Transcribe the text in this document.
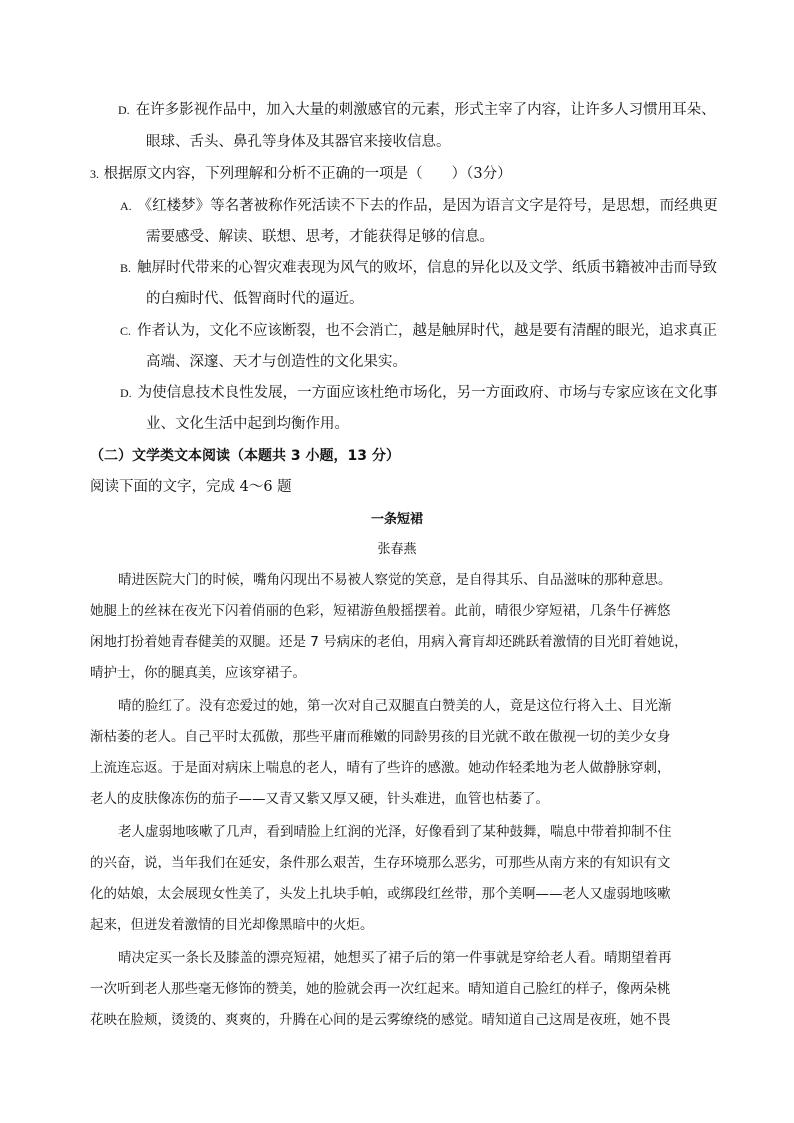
D. 在许多影视作品中，加入大量的刺激感官的元素，形式主宰了内容，让许多人习惯用耳朵、
眼球、舌头、鼻孔等身体及其器官来接收信息。
3. 根据原文内容，下列理解和分析不正确的一项是（　　）（3分）
A. 《红楼梦》等名著被称作死活读不下去的作品，是因为语言文字是符号，是思想，而经典更
需要感受、解读、联想、思考，才能获得足够的信息。
B. 触屏时代带来的心智灾难表现为风气的败坏，信息的异化以及文学、纸质书籍被冲击而导致
的白痴时代、低智商时代的逼近。
C. 作者认为，文化不应该断裂，也不会消亡，越是触屏时代，越是要有清醒的眼光，追求真正
高端、深邃、天才与创造性的文化果实。
D. 为使信息技术良性发展，一方面应该杜绝市场化，另一方面政府、市场与专家应该在文化事
业、文化生活中起到均衡作用。
（二）文学类文本阅读（本题共 3 小题，13 分）
阅读下面的文字，完成 4～6 题
一条短裙
张春燕
晴进医院大门的时候，嘴角闪现出不易被人察觉的笑意，是自得其乐、自品滋味的那种意思。
她腿上的丝袜在夜光下闪着俏丽的色彩，短裙游鱼般摇摆着。此前，晴很少穿短裙，几条牛仔裤悠
闲地打扮着她青春健美的双腿。还是 7 号病床的老伯，用病入膏肓却还跳跃着激情的目光盯着她说，
晴护士，你的腿真美，应该穿裙子。
晴的脸红了。没有恋爱过的她，第一次对自己双腿直白赞美的人，竟是这位行将入土、目光渐
渐枯萎的老人。自己平时太孤傲，那些平庸而稚嫩的同龄男孩的目光就不敢在傲视一切的美少女身
上流连忘返。于是面对病床上喘息的老人，晴有了些许的感激。她动作轻柔地为老人做静脉穿刺，
老人的皮肤像冻伤的茄子——又青又紫又厚又硬，针头难进，血管也枯萎了。
老人虚弱地咳嗽了几声，看到晴脸上红润的光泽，好像看到了某种鼓舞，喘息中带着抑制不住
的兴奋，说，当年我们在延安，条件那么艰苦，生存环境那么恶劣，可那些从南方来的有知识有文
化的姑娘，太会展现女性美了，头发上扎块手帕，或绑段红丝带，那个美啊——老人又虚弱地咳嗽
起来，但迸发着激情的目光却像黑暗中的火炬。
晴决定买一条长及膝盖的漂亮短裙，她想买了裙子后的第一件事就是穿给老人看。晴期望着再
一次听到老人那些毫无修饰的赞美，她的脸就会再一次红起来。晴知道自己脸红的样子，像两朵桃
花映在脸颊，烫烫的、爽爽的，升腾在心间的是云雾缭绕的感觉。晴知道自己这周是夜班，她不畏
